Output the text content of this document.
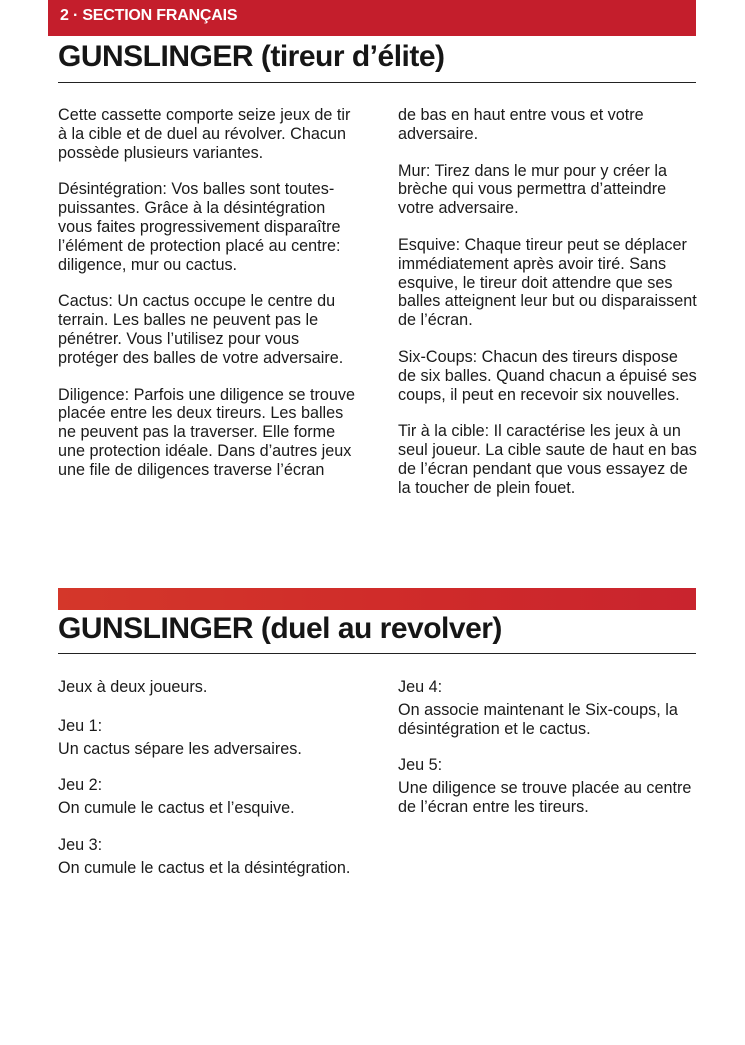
2 · SECTION FRANÇAIS
GUNSLINGER (tireur d’élite)

Cette cassette comporte seize jeux de tir à la cible et de duel au révolver. Chacun possède plusieurs variantes.

Désintégration: Vos balles sont toutes-puissantes. Grâce à la désintégration vous faites progressivement disparaître l’élément de protection placé au centre: diligence, mur ou cactus.

Cactus: Un cactus occupe le centre du terrain. Les balles ne peuvent pas le pénétrer. Vous l’utilisez pour vous protéger des balles de votre adversaire.

Diligence: Parfois une diligence se trouve placée entre les deux tireurs. Les balles ne peuvent pas la traverser. Elle forme une protection idéale. Dans d’autres jeux une file de diligences traverse l’écran

de bas en haut entre vous et votre adversaire.

Mur: Tirez dans le mur pour y créer la brèche qui vous permettra d’atteindre votre adversaire.

Esquive: Chaque tireur peut se déplacer immédiatement après avoir tiré. Sans esquive, le tireur doit attendre que ses balles atteignent leur but ou disparaissent de l’écran.

Six-Coups: Chacun des tireurs dispose de six balles. Quand chacun a épuisé ses coups, il peut en recevoir six nouvelles.

Tir à la cible: Il caractérise les jeux à un seul joueur. La cible saute de haut en bas de l’écran pendant que vous essayez de la toucher de plein fouet.

GUNSLINGER (duel au revolver)
Jeux à deux joueurs.
Jeu 1:
Un cactus sépare les adversaires.
Jeu 2:
On cumule le cactus et l’esquive.
Jeu 3:
On cumule le cactus et la désintégration.
Jeu 4:
On associe maintenant le Six-coups, la désintégration et le cactus.
Jeu 5:
Une diligence se trouve placée au centre de l’écran entre les tireurs.
